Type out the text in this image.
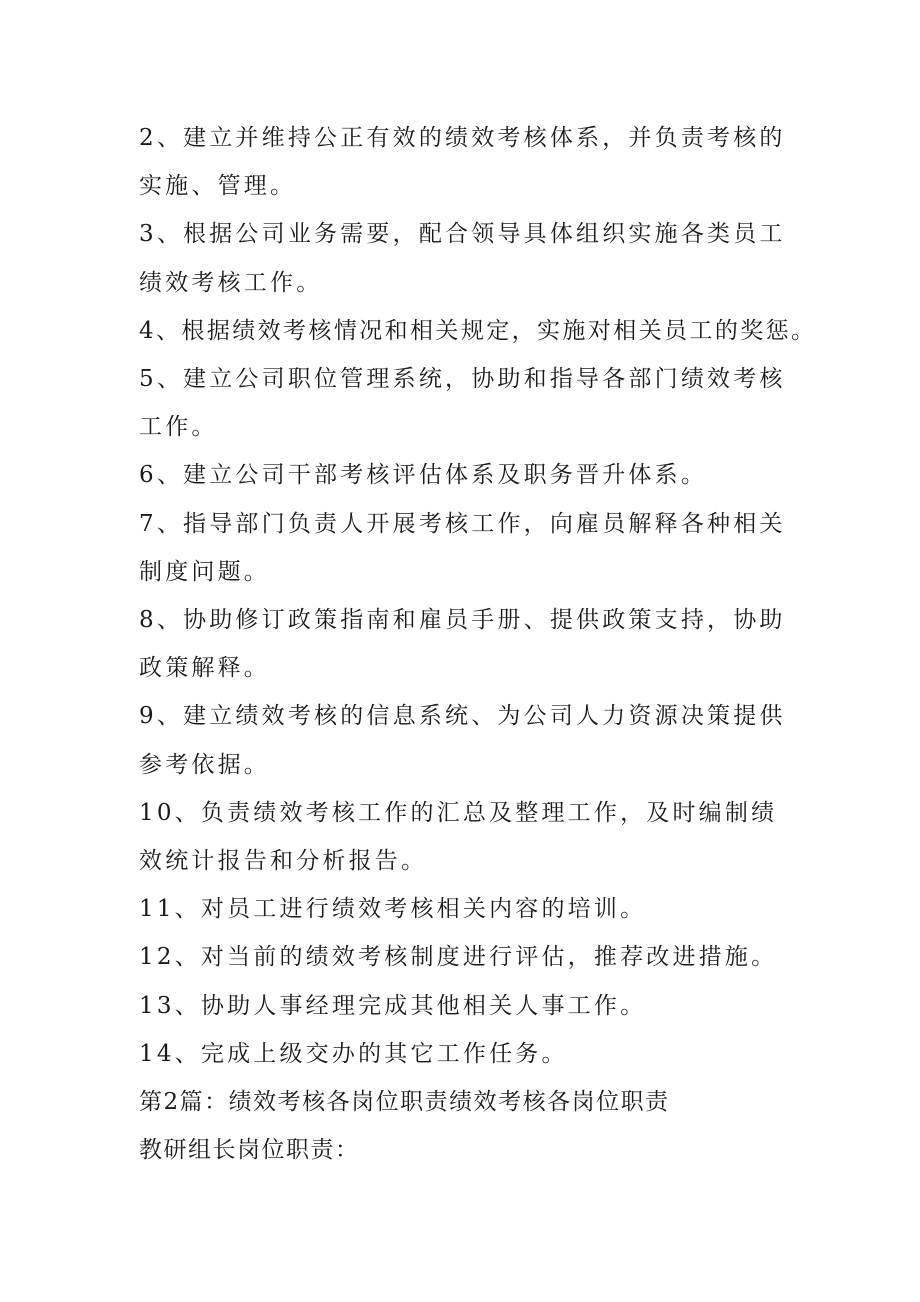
2、建立并维持公正有效的绩效考核体系，并负责考核的实施、管理。

3、根据公司业务需要，配合领导具体组织实施各类员工绩效考核工作。

4、根据绩效考核情况和相关规定，实施对相关员工的奖惩。

5、建立公司职位管理系统，协助和指导各部门绩效考核工作。

6、建立公司干部考核评估体系及职务晋升体系。

7、指导部门负责人开展考核工作，向雇员解释各种相关制度问题。

8、协助修订政策指南和雇员手册、提供政策支持，协助政策解释。

9、建立绩效考核的信息系统、为公司人力资源决策提供参考依据。

10、负责绩效考核工作的汇总及整理工作，及时编制绩效统计报告和分析报告。

11、对员工进行绩效考核相关内容的培训。

12、对当前的绩效考核制度进行评估，推荐改进措施。

13、协助人事经理完成其他相关人事工作。

14、完成上级交办的其它工作任务。

第2篇：绩效考核各岗位职责绩效考核各岗位职责

教研组长岗位职责：
